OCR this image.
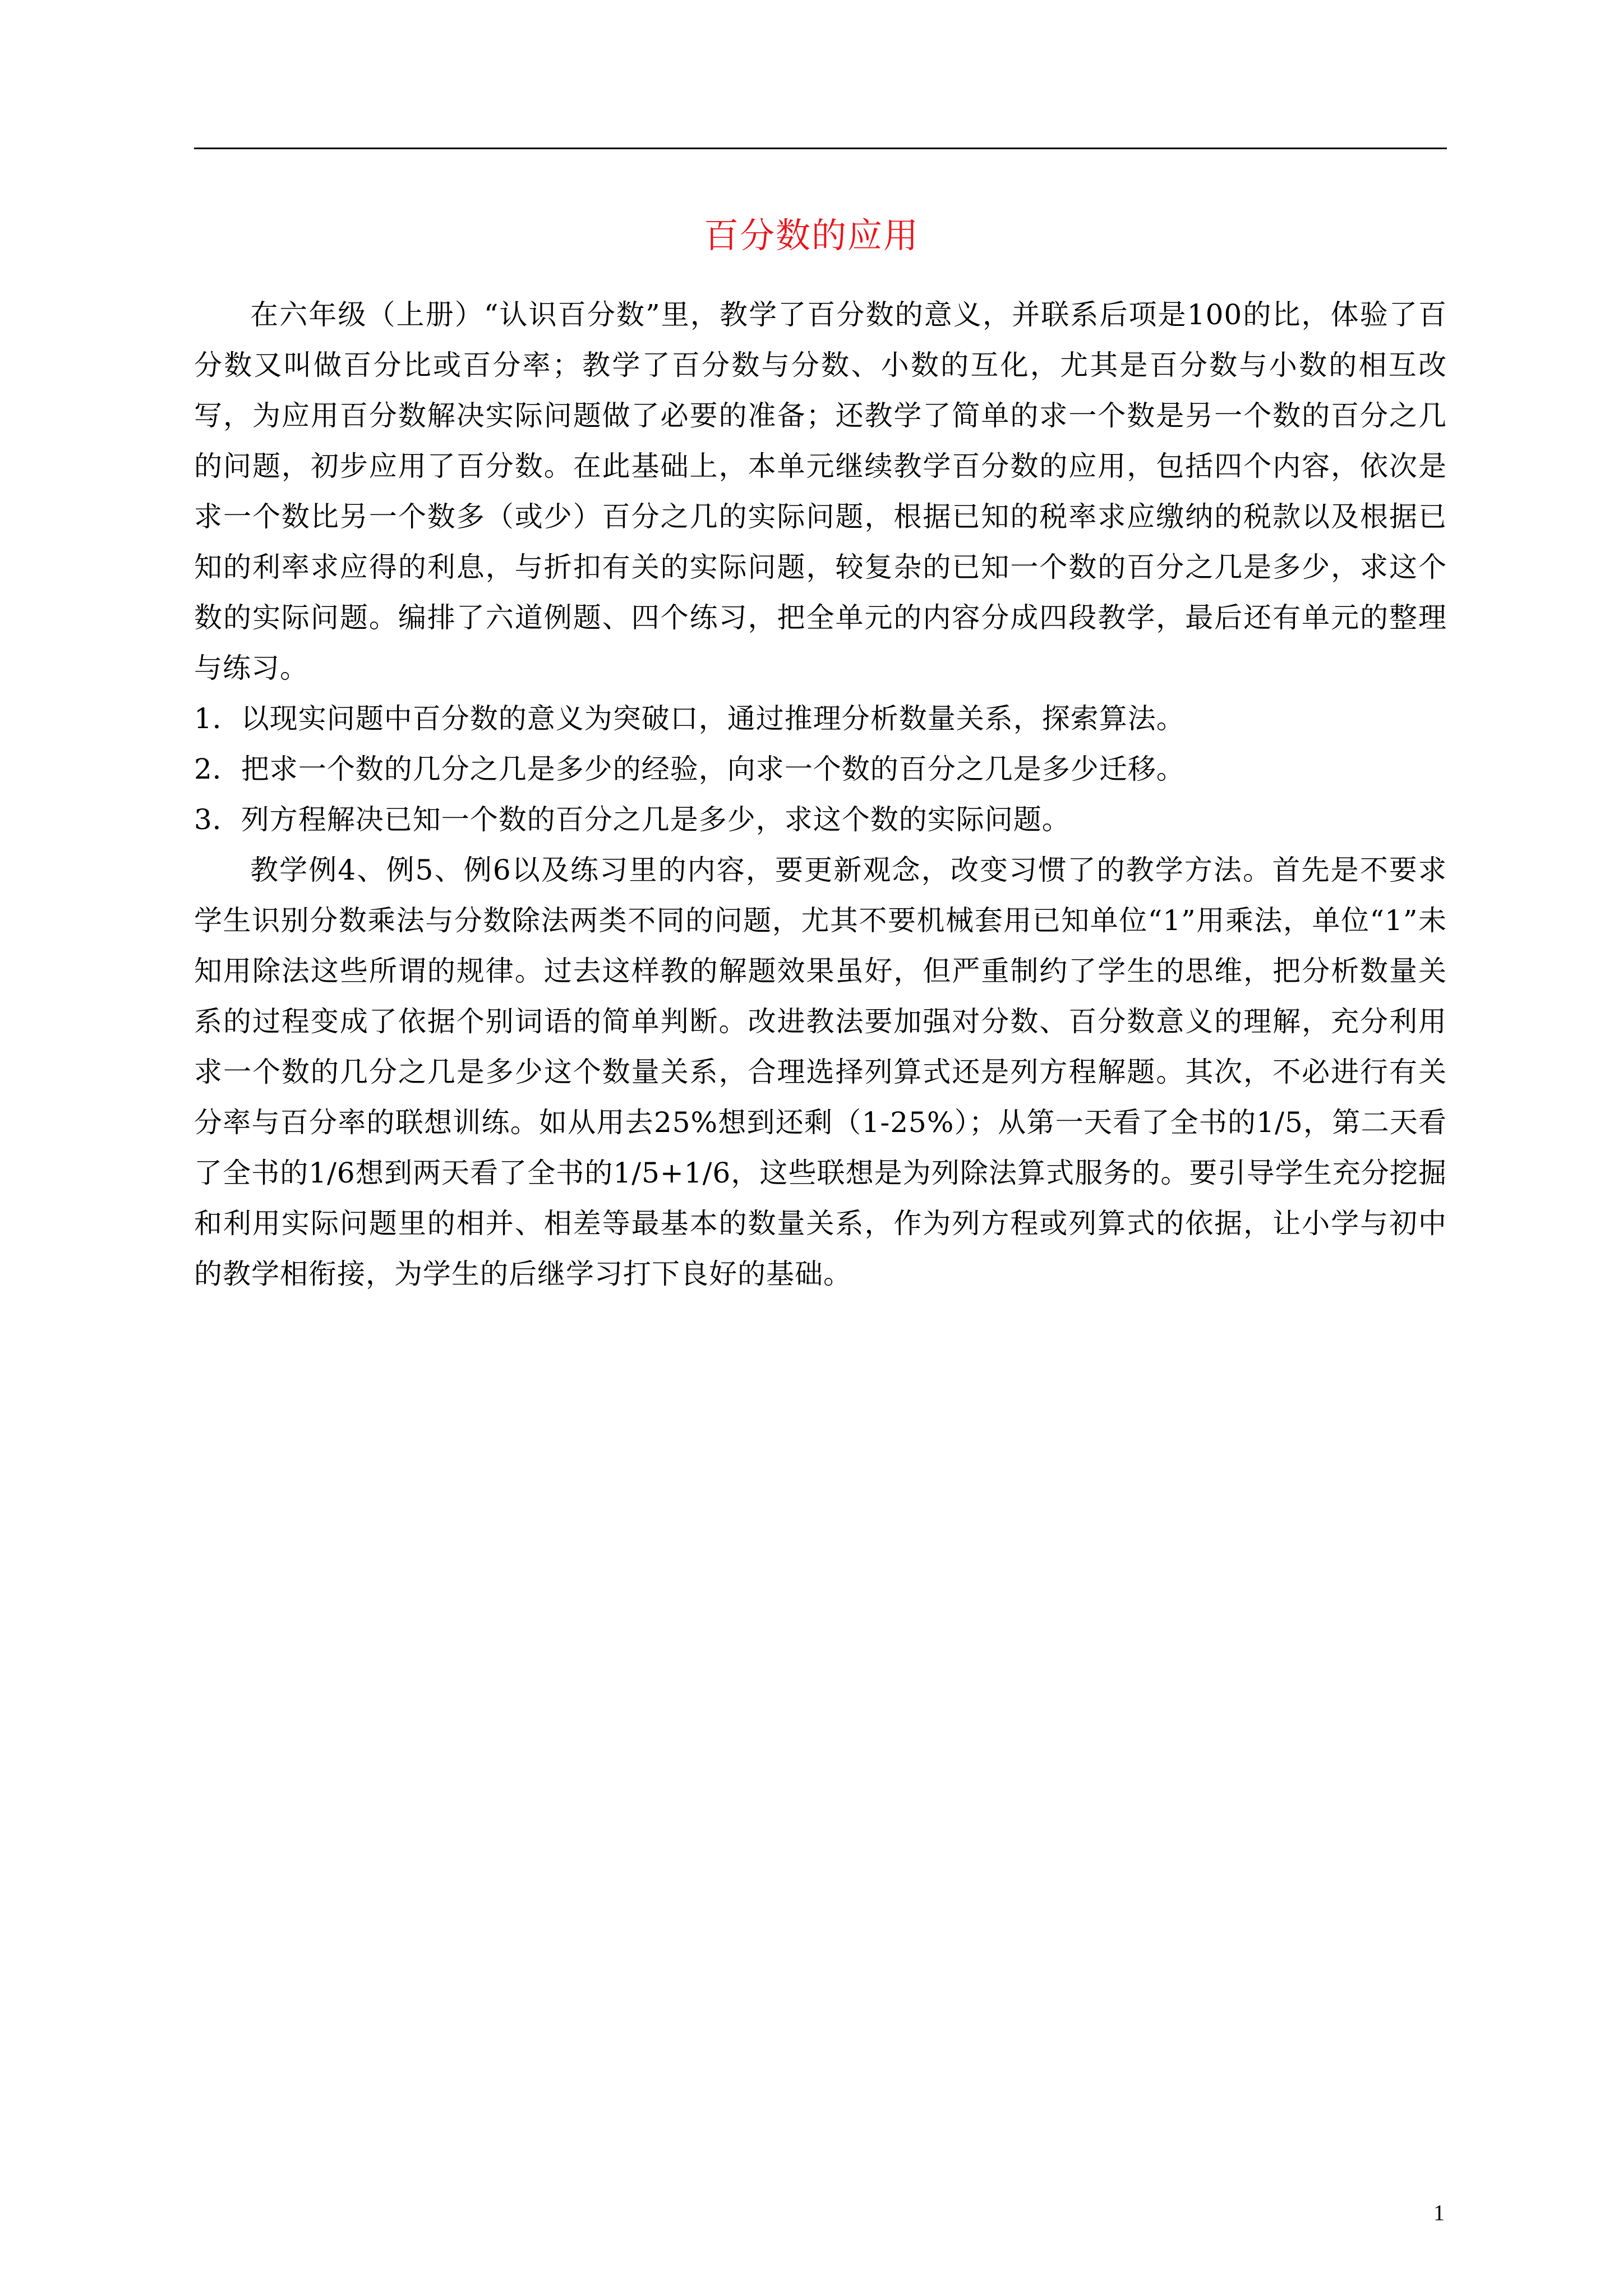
百分数的应用

在六年级（上册）“认识百分数”里，教学了百分数的意义，并联系后项是100的比，体验了百分数又叫做百分比或百分率；教学了百分数与分数、小数的互化，尤其是百分数与小数的相互改写，为应用百分数解决实际问题做了必要的准备；还教学了简单的求一个数是另一个数的百分之几的问题，初步应用了百分数。在此基础上，本单元继续教学百分数的应用，包括四个内容，依次是求一个数比另一个数多（或少）百分之几的实际问题，根据已知的税率求应缴纳的税款以及根据已知的利率求应得的利息，与折扣有关的实际问题，较复杂的已知一个数的百分之几是多少，求这个数的实际问题。编排了六道例题、四个练习，把全单元的内容分成四段教学，最后还有单元的整理与练习。

1．以现实问题中百分数的意义为突破口，通过推理分析数量关系，探索算法。

2．把求一个数的几分之几是多少的经验，向求一个数的百分之几是多少迁移。

3．列方程解决已知一个数的百分之几是多少，求这个数的实际问题。

教学例4、例5、例6以及练习里的内容，要更新观念，改变习惯了的教学方法。首先是不要求学生识别分数乘法与分数除法两类不同的问题，尤其不要机械套用已知单位“1”用乘法，单位“1”未知用除法这些所谓的规律。过去这样教的解题效果虽好，但严重制约了学生的思维，把分析数量关系的过程变成了依据个别词语的简单判断。改进教法要加强对分数、百分数意义的理解，充分利用求一个数的几分之几是多少这个数量关系，合理选择列算式还是列方程解题。其次，不必进行有关分率与百分率的联想训练。如从用去25%想到还剩（1-25%）；从第一天看了全书的1/5，第二天看了全书的1/6想到两天看了全书的1/5+1/6，这些联想是为列除法算式服务的。要引导学生充分挖掘和利用实际问题里的相并、相差等最基本的数量关系，作为列方程或列算式的依据，让小学与初中的教学相衔接，为学生的后继学习打下良好的基础。

1
